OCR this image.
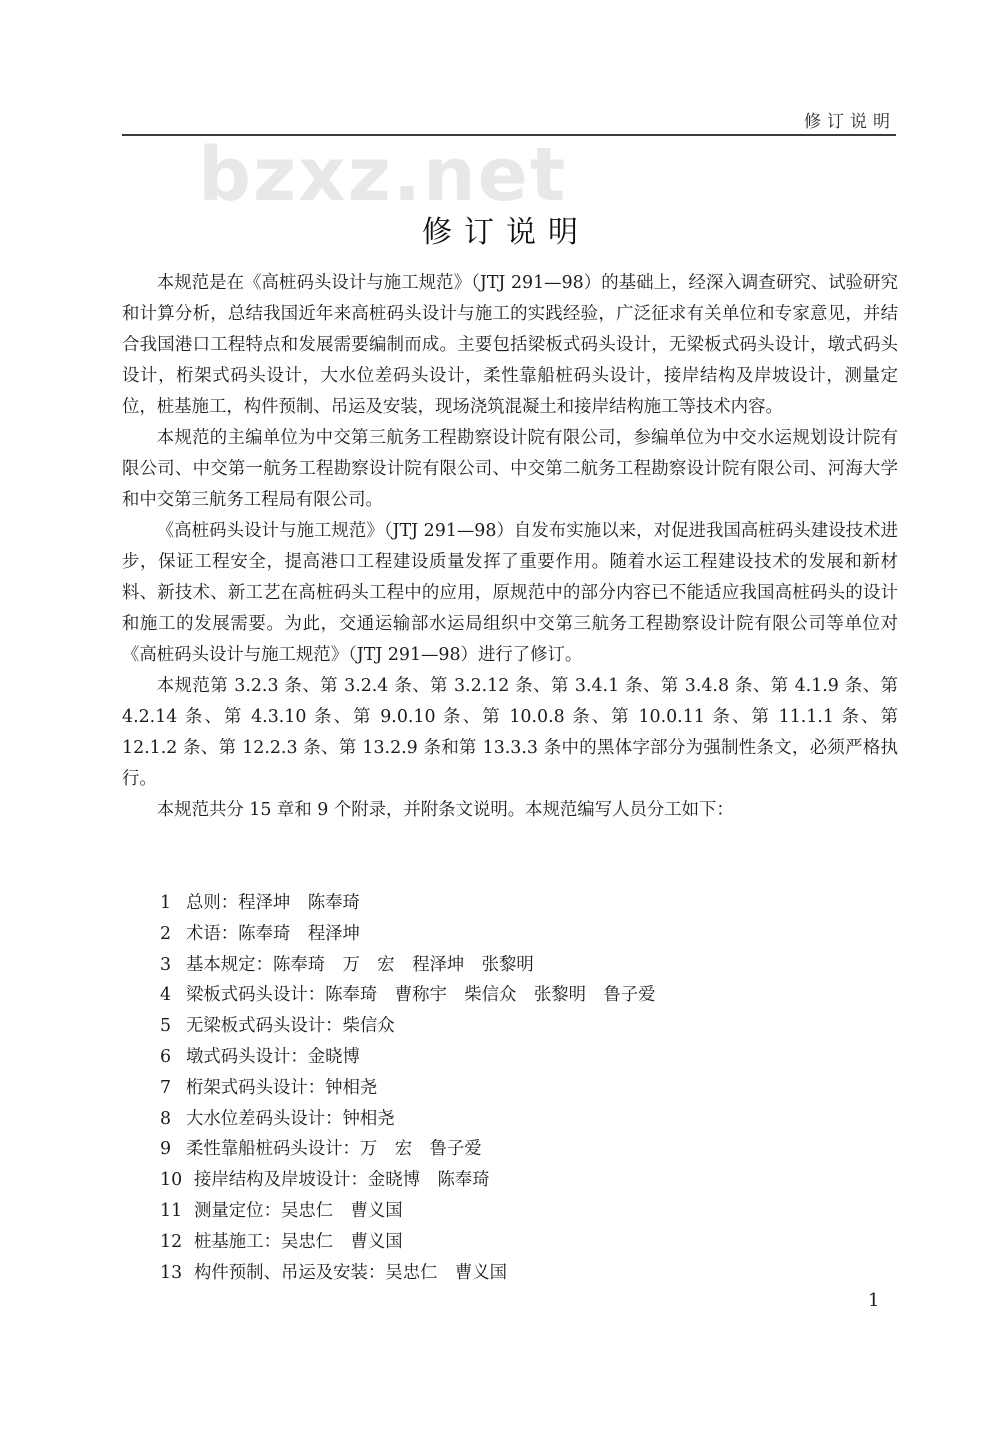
修订说明
bzxz.net
修订说明

本规范是在《高桩码头设计与施工规范》（JTJ 291—98）的基础上，经深入调查研究、试验研究和计算分析，总结我国近年来高桩码头设计与施工的实践经验，广泛征求有关单位和专家意见，并结合我国港口工程特点和发展需要编制而成。主要包括梁板式码头设计，无梁板式码头设计，墩式码头设计，桁架式码头设计，大水位差码头设计，柔性靠船桩码头设计，接岸结构及岸坡设计，测量定位，桩基施工，构件预制、吊运及安装，现场浇筑混凝土和接岸结构施工等技术内容。

本规范的主编单位为中交第三航务工程勘察设计院有限公司，参编单位为中交水运规划设计院有限公司、中交第一航务工程勘察设计院有限公司、中交第二航务工程勘察设计院有限公司、河海大学和中交第三航务工程局有限公司。

《高桩码头设计与施工规范》（JTJ 291—98）自发布实施以来，对促进我国高桩码头建设技术进步，保证工程安全，提高港口工程建设质量发挥了重要作用。随着水运工程建设技术的发展和新材料、新技术、新工艺在高桩码头工程中的应用，原规范中的部分内容已不能适应我国高桩码头的设计和施工的发展需要。为此，交通运输部水运局组织中交第三航务工程勘察设计院有限公司等单位对《高桩码头设计与施工规范》（JTJ 291—98）进行了修订。

本规范第 3.2.3 条、第 3.2.4 条、第 3.2.12 条、第 3.4.1 条、第 3.4.8 条、第 4.1.9 条、第 4.2.14 条、第 4.3.10 条、第 9.0.10 条、第 10.0.8 条、第 10.0.11 条、第 11.1.1 条、第 12.1.2 条、第 12.2.3 条、第 13.2.9 条和第 13.3.3 条中的黑体字部分为强制性条文，必须严格执行。

本规范共分 15 章和 9 个附录，并附条文说明。本规范编写人员分工如下：

1 总则：程泽坤　陈奉琦
2 术语：陈奉琦　程泽坤
3 基本规定：陈奉琦　万　宏　程泽坤　张黎明
4 梁板式码头设计：陈奉琦　曹称宇　柴信众　张黎明　鲁子爱
5 无梁板式码头设计：柴信众
6 墩式码头设计：金晓博
7 桁架式码头设计：钟相尧
8 大水位差码头设计：钟相尧
9 柔性靠船桩码头设计：万　宏　鲁子爱
10 接岸结构及岸坡设计：金晓博　陈奉琦
11 测量定位：吴忠仁　曹义国
12 桩基施工：吴忠仁　曹义国
13 构件预制、吊运及安装：吴忠仁　曹义国
1
